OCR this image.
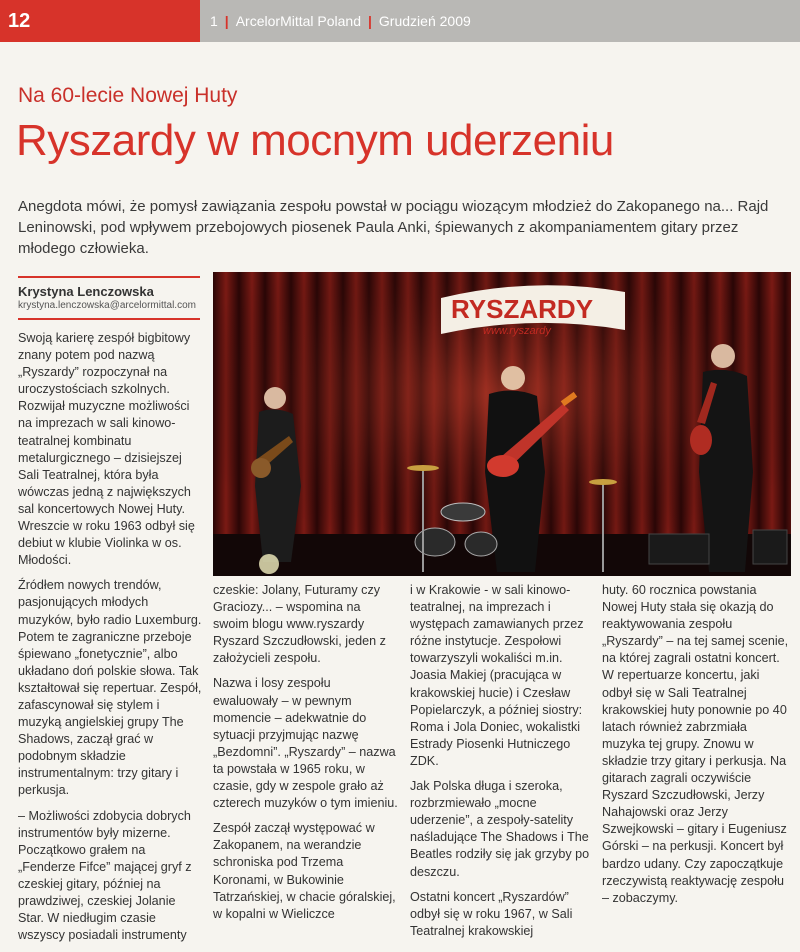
12	1 | ArcelorMittal Poland | Grudzień 2009
Na 60-lecie Nowej Huty
Ryszardy w mocnym uderzeniu

Anegdota mówi, że pomysł zawiązania zespołu powstał w pociągu wiozącym młodzież do Zakopanego na... Rajd Leninowski, pod wpływem przebojowych piosenek Paula Anki, śpiewanych z akompaniamentem gitary przez młodego człowieka.

Krystyna Lenczowska
krystyna.lenczowska@arcelormittal.com	RYSZARDY
www.ryszardy

Swoją karierę zespół bigbitowy znany potem pod nazwą „Ryszardy” rozpoczynał na uroczystościach szkolnych. Rozwijał muzyczne możliwości na imprezach w sali kinowo-teatralnej kombinatu metalurgicznego – dzisiejszej Sali Teatralnej, która była wówczas jedną z największych sal koncertowych Nowej Huty. Wreszcie w roku 1963 odbył się debiut w klubie Violinka w os. Młodości.

Źródłem nowych trendów, pasjonujących młodych muzyków, było radio Luxemburg. Potem te zagraniczne przeboje śpiewano „fonetycznie”, albo układano doń polskie słowa. Tak kształtował się repertuar. Zespół, zafascynował się stylem i muzyką angielskiej grupy The Shadows, zaczął grać w podobnym składzie instrumentalnym: trzy gitary i perkusja.

– Możliwości zdobycia dobrych instrumentów były mizerne. Początkowo grałem na „Fenderze Fifce” mającej gryf z czeskiej gitary, później na prawdziwej, czeskiej Jolanie Star. W niedługim czasie wszyscy posiadali instrumenty

czeskie: Jolany, Futuramy czy Graciozy... – wspomina na swoim blogu www.ryszardy Ryszard Szczudłowski, jeden z założycieli zespołu.

Nazwa i losy zespołu ewaluowały – w pewnym momencie – adekwatnie do sytuacji przyjmując nazwę „Bezdomni”. „Ryszardy” – nazwa ta powstała w 1965 roku, w czasie, gdy w zespole grało aż czterech muzyków o tym imieniu.

Zespół zaczął występować w Zakopanem, na werandzie schroniska pod Trzema Koronami, w Bukowinie Tatrzańskiej, w chacie góralskiej, w kopalni w Wieliczce

i w Krakowie - w sali kinowo-teatralnej, na imprezach i występach zamawianych przez różne instytucje. Zespołowi towarzyszyli wokaliści m.in. Joasia Makiej (pracująca w krakowskiej hucie) i Czesław Popielarczyk, a później siostry: Roma i Jola Doniec, wokalistki Estrady Piosenki Hutniczego ZDK.

Jak Polska długa i szeroka, rozbrzmiewało „mocne uderzenie”, a zespoły-satelity naśladujące The Shadows i The Beatles rodziły się jak grzyby po deszczu.

Ostatni koncert „Ryszardów” odbył się w roku 1967, w Sali Teatralnej krakowskiej

huty. 60 rocznica powstania Nowej Huty stała się okazją do reaktywowania zespołu „Ryszardy” – na tej samej scenie, na której zagrali ostatni koncert. W repertuarze koncertu, jaki odbył się w Sali Teatralnej krakowskiej huty ponownie po 40 latach również zabrzmiała muzyka tej grupy. Znowu w składzie trzy gitary i perkusja. Na gitarach zagrali oczywiście Ryszard Szczudłowski, Jerzy Nahajowski oraz Jerzy Szwejkowski – gitary i Eugeniusz Górski – na perkusji. Koncert był bardzo udany. Czy zapoczątkuje rzeczywistą reaktywację zespołu – zobaczymy.
